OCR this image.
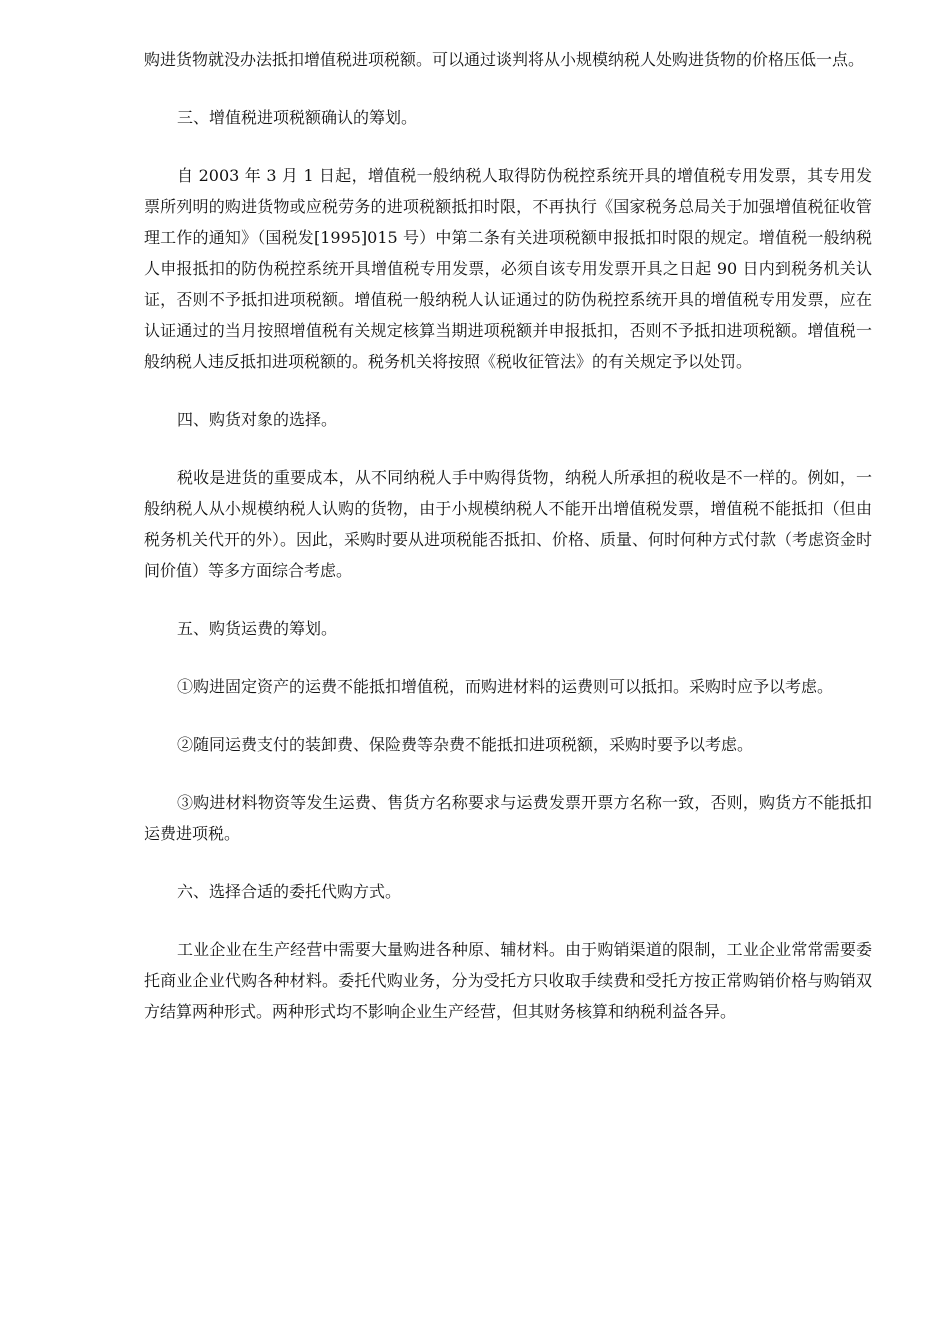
购进货物就没办法抵扣增值税进项税额。可以通过谈判将从小规模纳税人处购进货物的价格压低一点。

三、增值税进项税额确认的筹划。

自 2003 年 3 月 1 日起，增值税一般纳税人取得防伪税控系统开具的增值税专用发票，其专用发票所列明的购进货物或应税劳务的进项税额抵扣时限，不再执行《国家税务总局关于加强增值税征收管理工作的通知》（国税发[1995]015 号）中第二条有关进项税额申报抵扣时限的规定。增值税一般纳税人申报抵扣的防伪税控系统开具增值税专用发票，必须自该专用发票开具之日起 90 日内到税务机关认证，否则不予抵扣进项税额。增值税一般纳税人认证通过的防伪税控系统开具的增值税专用发票，应在认证通过的当月按照增值税有关规定核算当期进项税额并申报抵扣，否则不予抵扣进项税额。增值税一般纳税人违反抵扣进项税额的。税务机关将按照《税收征管法》的有关规定予以处罚。

四、购货对象的选择。

税收是进货的重要成本，从不同纳税人手中购得货物，纳税人所承担的税收是不一样的。例如，一般纳税人从小规模纳税人认购的货物，由于小规模纳税人不能开出增值税发票，增值税不能抵扣（但由税务机关代开的外）。因此，采购时要从进项税能否抵扣、价格、质量、何时何种方式付款（考虑资金时间价值）等多方面综合考虑。

五、购货运费的筹划。

①购进固定资产的运费不能抵扣增值税，而购进材料的运费则可以抵扣。采购时应予以考虑。

②随同运费支付的装卸费、保险费等杂费不能抵扣进项税额，采购时要予以考虑。

③购进材料物资等发生运费、售货方名称要求与运费发票开票方名称一致，否则，购货方不能抵扣运费进项税。

六、选择合适的委托代购方式。

工业企业在生产经营中需要大量购进各种原、辅材料。由于购销渠道的限制，工业企业常常需要委托商业企业代购各种材料。委托代购业务，分为受托方只收取手续费和受托方按正常购销价格与购销双方结算两种形式。两种形式均不影响企业生产经营，但其财务核算和纳税利益各异。
